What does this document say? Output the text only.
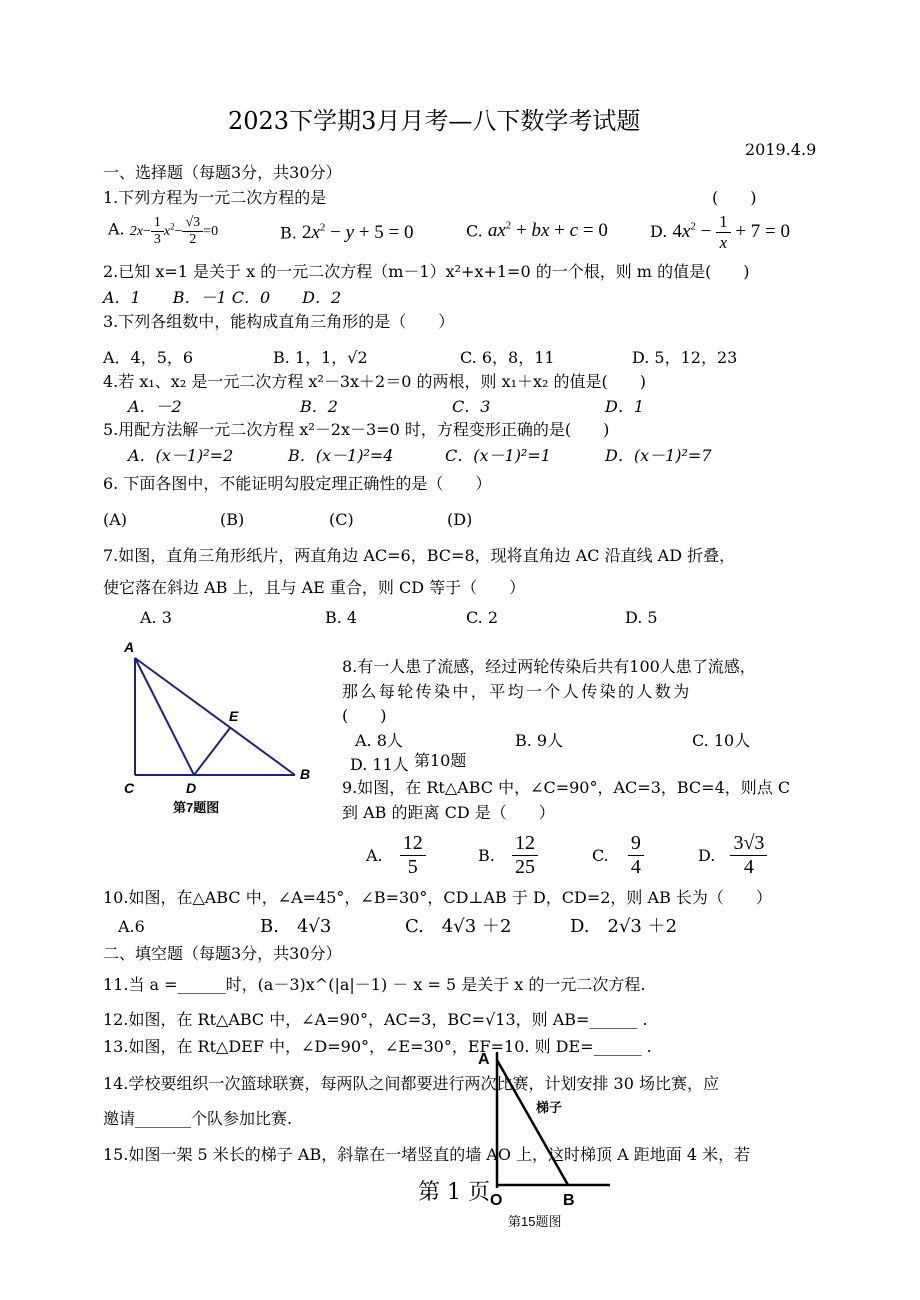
2023下学期3月月考—八下数学考试题
2019.4.9
一、选择题（每题3分，共30分）
1.下列方程为一元二次方程的是	(　　)
A. $2x- \frac{1}{3} x^2- \frac{√3}{2} =0$	B. $2x^2 - y + 5 = 0$	C. $ax^2$ + bx + c = 0	D. $4x^2 - \frac{1}{x} + 7 = 0$
2.已知 x=1 是关于 x 的一元二次方程（m－1）x²+x+1=0 的一个根，则 m 的值是(　　)
A．1　　B．－1 C．0　　D．2
3.下列各组数中，能构成直角三角形的是（　　）
A．4，5，6	B. 1，1，√2	C. 6，8，11	D. 5，12，23
4.若 x₁、x₂ 是一元二次方程 x²－3x＋2＝0 的两根，则 x₁＋x₂ 的值是(　　)
A．－2	B．2	C．3	D．1
5.用配方法解一元二次方程 x²－2x－3=0 时，方程变形正确的是(　　)
A．(x－1)²=2	B．(x－1)²=4	C．(x－1)²=1	D．(x－1)²=7
6. 下面各图中，不能证明勾股定理正确性的是（　　）
(A)	(B)	(C)	(D)
7.如图，直角三角形纸片，两直角边 AC=6，BC=8，现将直角边 AC 沿直线 AD 折叠，
使它落在斜边 AB 上，且与 AE 重合，则 CD 等于（　　）
A. 3	B. 4	C. 2	D. 5
A
C	D
E
B
第7题图
8.有一人患了流感，经过两轮传染后共有100人患了流感，
那么每轮传染中，平均一个人传染的人数为
(　　)
A. 8人
第10题
B. 9人	C. 10人
D. 11人
9.如图，在 Rt△ABC 中，∠C=90°，AC=3，BC=4，则点 C
到 AB 的距离 CD 是（　　）
A. $\frac{12}{5}$	B. $\frac{12}{25}$	C. $\frac{9}{4}$	D. $\frac{3√3}{4}$
10.如图，在△ABC 中，∠A=45°，∠B=30°，CD⊥AB 于 D，CD=2，则 AB 长为（　　）
A.6	B.　4√3	C.　4√3 ＋2	D.　2√3 ＋2
二、填空题（每题3分，共30分）
11.当 a =______时，(a－3)x^(|a|－1) － x = 5 是关于 x 的一元二次方程.
12.如图，在 Rt△ABC 中，∠A=90°，AC=3，BC=√13，则 AB=______ .
13.如图，在 Rt△DEF 中，∠D=90°，∠E=30°，EF=10. 则 DE=______ .
14.学校要组织一次篮球联赛，每两队之间都要进行两次比赛，计划安排 30 场比赛，应
邀请_______个队参加比赛.
15.如图一架 5 米长的梯子 AB，斜靠在一堵竖直的墙 AO 上，这时梯顶 A 距地面 4 米，若
A
梯子
O	B
第15题图
第 1 页
